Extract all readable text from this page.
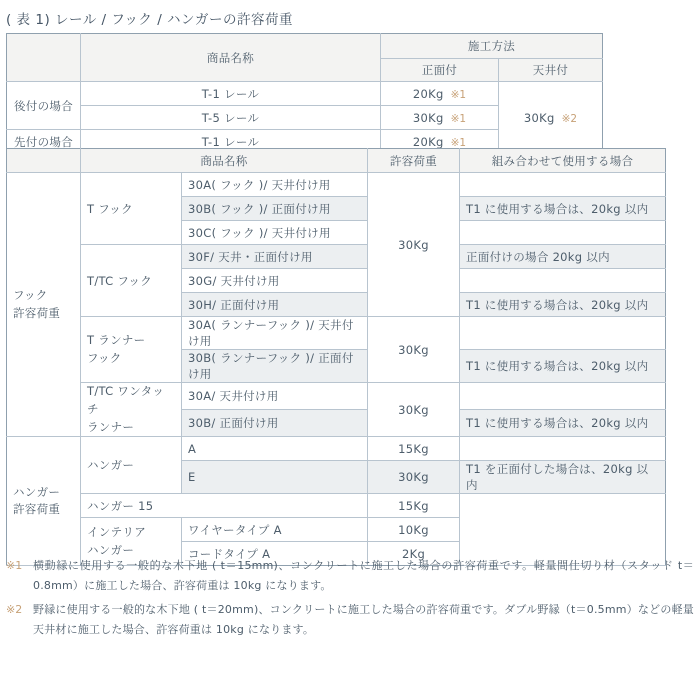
( 表 1) レール / フック / ハンガーの許容荷重
	商品名称	施工方法	
		正面付	天井付
後付の場合	T-1 レール	20Kg ※1	30Kg ※2
	T-5 レール	30Kg ※1	
先付の場合	T-1 レール	20Kg ※1	
	商品名称		許容荷重	組み合わせて使用する場合

フック
許容荷重	T フック	30A( フック )/ 天井付け用	30Kg	
		30B( フック )/ 正面付け用		T1 に使用する場合は、20kg 以内
		30C( フック )/ 天井付け用		
	T/TC フック	30F/ 天井・正面付け用		正面付けの場合 20kg 以内
		30G/ 天井付け用		
		30H/ 正面付け用		T1 に使用する場合は、20kg 以内

	T ランナー
フック	30A( ランナーフック )/ 天井付け用	30Kg	
		30B( ランナーフック )/ 正面付け用		T1 に使用する場合は、20kg 以内

	T/TC ワンタッチ
ランナー	30A/ 天井付け用	30Kg	
		30B/ 正面付け用		T1 に使用する場合は、20kg 以内

ハンガー
許容荷重	ハンガー	A	15Kg	
		E	30Kg	T1 を正面付した場合は、20kg 以内
	ハンガー 15		15Kg	

	インテリア
ハンガー	ワイヤータイプ A	10Kg	
		コードタイプ A	2Kg	
※1 横動縁に使用する一般的な木下地 ( t＝15mm)、コンクリートに施工した場合の許容荷重です。軽量間仕切り材（スタッド t＝0.8mm）に施工した場合、許容荷重は 10kg になります。
※2 野縁に使用する一般的な木下地 ( t＝20mm)、コンクリートに施工した場合の許容荷重です。ダブル野縁（t＝0.5mm）などの軽量天井材に施工した場合、許容荷重は 10kg になります。
